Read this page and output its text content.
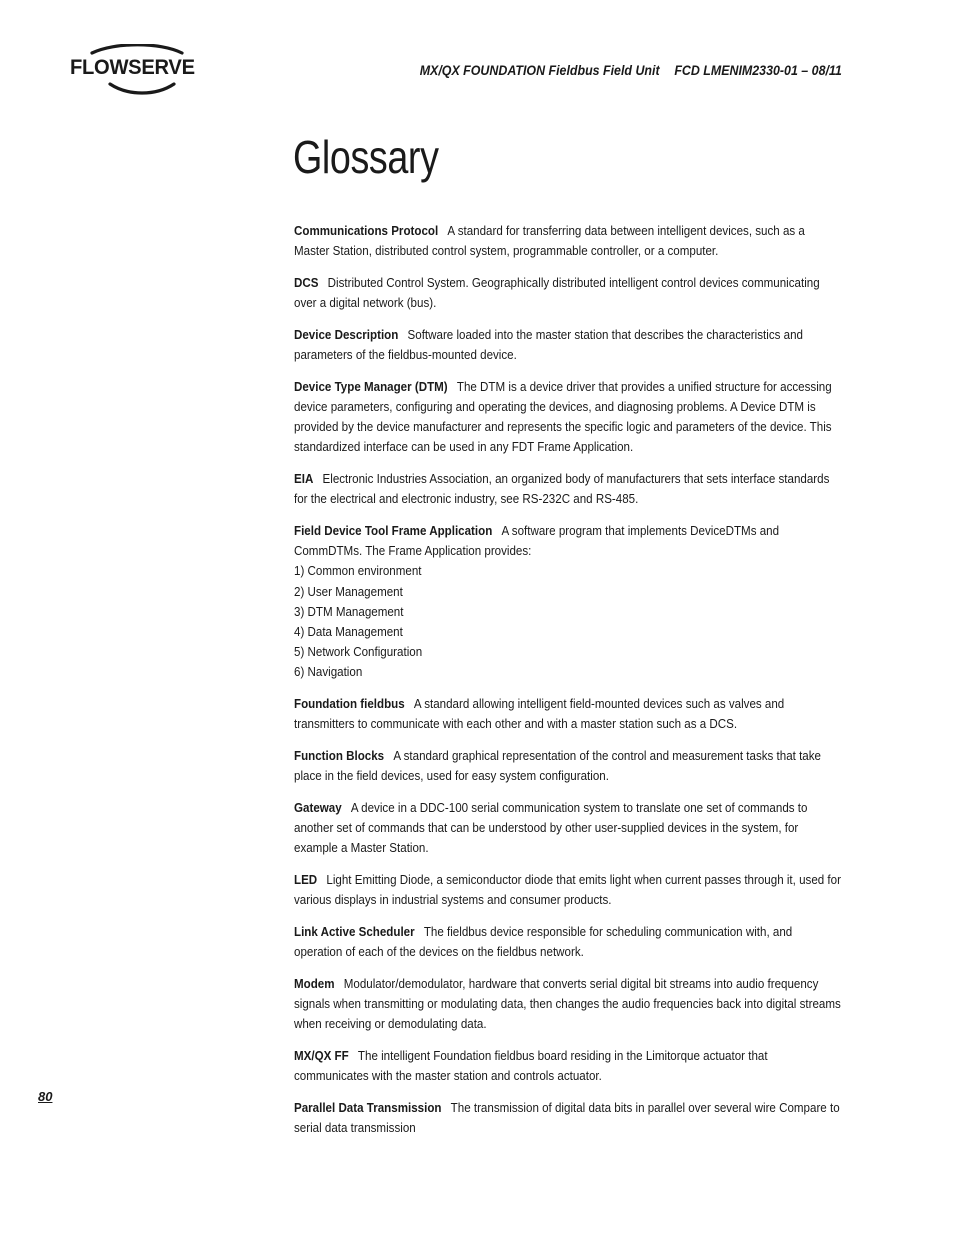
FLOWSERVE	MX/QX FOUNDATION Fieldbus Field Unit FCD LMENIM2330-01 – 08/11
Glossary
Communications Protocol A standard for transferring data between intelligent devices, such as a Master Station, distributed control system, programmable controller, or a computer.
DCS Distributed Control System. Geographically distributed intelligent control devices communicating over a digital network (bus).
Device Description Software loaded into the master station that describes the characteristics and parameters of the fieldbus-mounted device.
Device Type Manager (DTM) The DTM is a device driver that provides a unified structure for accessing device parameters, configuring and operating the devices, and diagnosing problems. A Device DTM is provided by the device manufacturer and represents the specific logic and parameters of the device. This standardized interface can be used in any FDT Frame Application.
EIA Electronic Industries Association, an organized body of manufacturers that sets interface standards for the electrical and electronic industry, see RS-232C and RS-485.
Field Device Tool Frame Application A software program that implements DeviceDTMs and CommDTMs. The Frame Application provides:
1) Common environment
2) User Management
3) DTM Management
4) Data Management
5) Network Configuration
6) Navigation
Foundation fieldbus A standard allowing intelligent field-mounted devices such as valves and transmitters to communicate with each other and with a master station such as a DCS.
Function Blocks A standard graphical representation of the control and measurement tasks that take place in the field devices, used for easy system configuration.
Gateway A device in a DDC-100 serial communication system to translate one set of commands to another set of commands that can be understood by other user-supplied devices in the system, for example a Master Station.
LED Light Emitting Diode, a semiconductor diode that emits light when current passes through it, used for various displays in industrial systems and consumer products.
Link Active Scheduler The fieldbus device responsible for scheduling communication with, and operation of each of the devices on the fieldbus network.
Modem Modulator/demodulator, hardware that converts serial digital bit streams into audio frequency signals when transmitting or modulating data, then changes the audio frequencies back into digital streams when receiving or demodulating data.
MX/QX FF The intelligent Foundation fieldbus board residing in the Limitorque actuator that communicates with the master station and controls actuator.
Parallel Data Transmission The transmission of digital data bits in parallel over several wire Compare to serial data transmission
80
